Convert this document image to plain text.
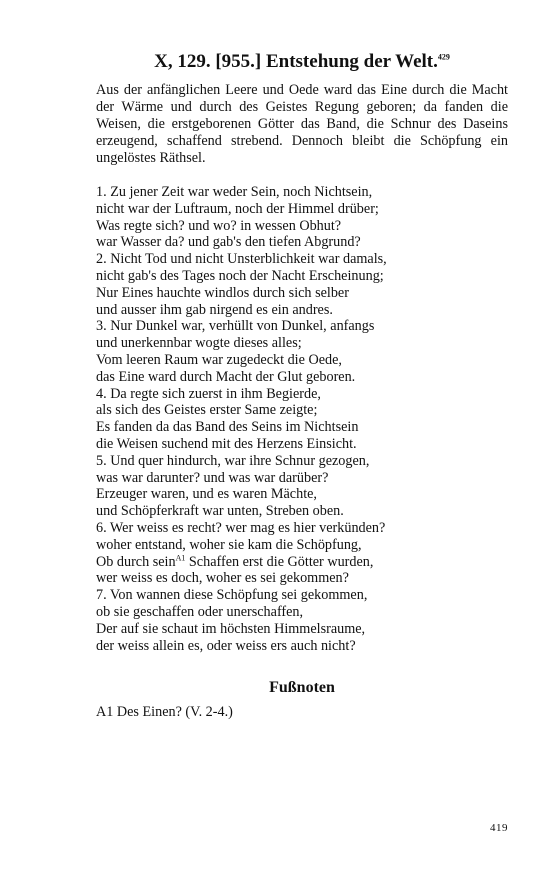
X, 129. [955.] Entstehung der Welt.$^{429}$

Aus der anfänglichen Leere und Oede ward das Eine durch die Macht der Wärme und durch des Geistes Regung geboren; da fanden die Weisen, die erstgeborenen Götter das Band, die Schnur des Daseins erzeugend, schaffend strebend. Dennoch bleibt die Schöpfung ein ungelöstes Räthsel.

1. Zu jener Zeit war weder Sein, noch Nichtsein,
nicht war der Luftraum, noch der Himmel drüber;
Was regte sich? und wo? in wessen Obhut?
war Wasser da? und gab's den tiefen Abgrund?
2. Nicht Tod und nicht Unsterblichkeit war damals,
nicht gab's des Tages noch der Nacht Erscheinung;
Nur Eines hauchte windlos durch sich selber
und ausser ihm gab nirgend es ein andres.
3. Nur Dunkel war, verhüllt von Dunkel, anfangs
und unerkennbar wogte dieses alles;
Vom leeren Raum war zugedeckt die Oede,
das Eine ward durch Macht der Glut geboren.
4. Da regte sich zuerst in ihm Begierde,
als sich des Geistes erster Same zeigte;
Es fanden da das Band des Seins im Nichtsein
die Weisen suchend mit des Herzens Einsicht.
5. Und quer hindurch, war ihre Schnur gezogen,
was war darunter? und was war darüber?
Erzeuger waren, und es waren Mächte,
und Schöpferkraft war unten, Streben oben.
6. Wer weiss es recht? wer mag es hier verkünden?
woher entstand, woher sie kam die Schöpfung,
Ob durch sein$^{A1}$ Schaffen erst die Götter wurden,
wer weiss es doch, woher es sei gekommen?
7. Von wannen diese Schöpfung sei gekommen,
ob sie geschaffen oder unerschaffen,
Der auf sie schaut im höchsten Himmelsraume,
der weiss allein es, oder weiss ers auch nicht?
Fußnoten
A1 Des Einen? (V. 2-4.)
419
